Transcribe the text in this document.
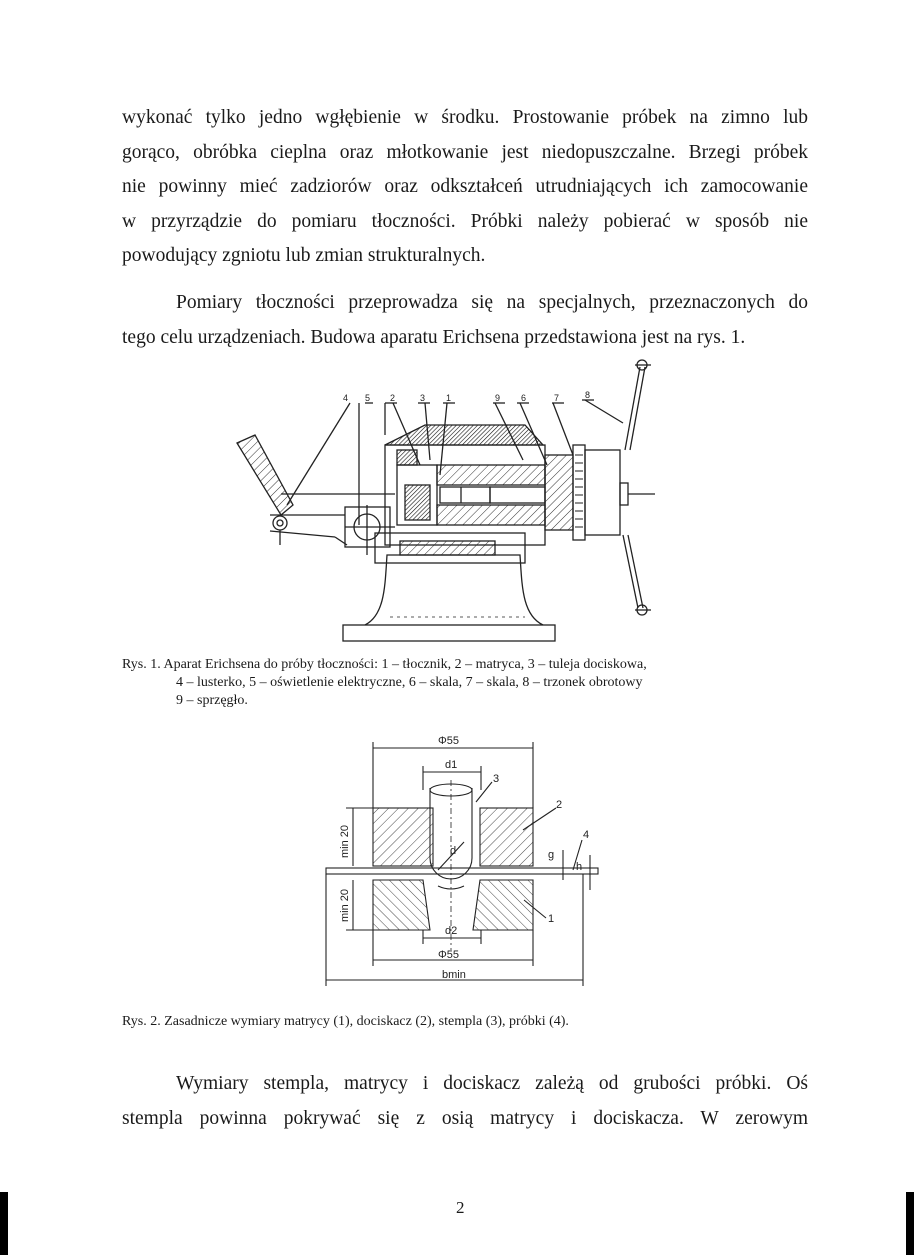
wykonać tylko jedno wgłębienie w środku. Prostowanie próbek na zimno lub
gorąco, obróbka cieplna oraz młotkowanie jest niedopuszczalne. Brzegi próbek
nie powinny mieć zadziorów oraz odkształceń utrudniających ich zamocowanie
w przyrządzie do pomiaru tłoczności. Próbki należy pobierać w sposób nie
powodujący zgniotu lub zmian strukturalnych.
Pomiary tłoczności przeprowadza się na specjalnych, przeznaczonych do
tego celu urządzeniach. Budowa aparatu Erichsena przedstawiona jest na rys. 1.
4 5 2	3 1	9 6	7	8
Rys. 1. Aparat Erichsena do próby tłoczności: 1 – tłocznik, 2 – matryca, 3 – tuleja dociskowa,
4 – lusterko, 5 – oświetlenie elektryczne, 6 – skala, 7 – skala, 8 – trzonek obrotowy
9 – sprzęgło.
Φ55
d1
3
2
4
g
h
d
1
d2
Φ55
bmin
min 20
min 20
Rys. 2. Zasadnicze wymiary matrycy (1), dociskacz (2), stempla (3), próbki (4).
Wymiary stempla, matrycy i dociskacz zależą od grubości próbki. Oś
stempla powinna pokrywać się z osią matrycy i dociskacza. W zerowym
2
